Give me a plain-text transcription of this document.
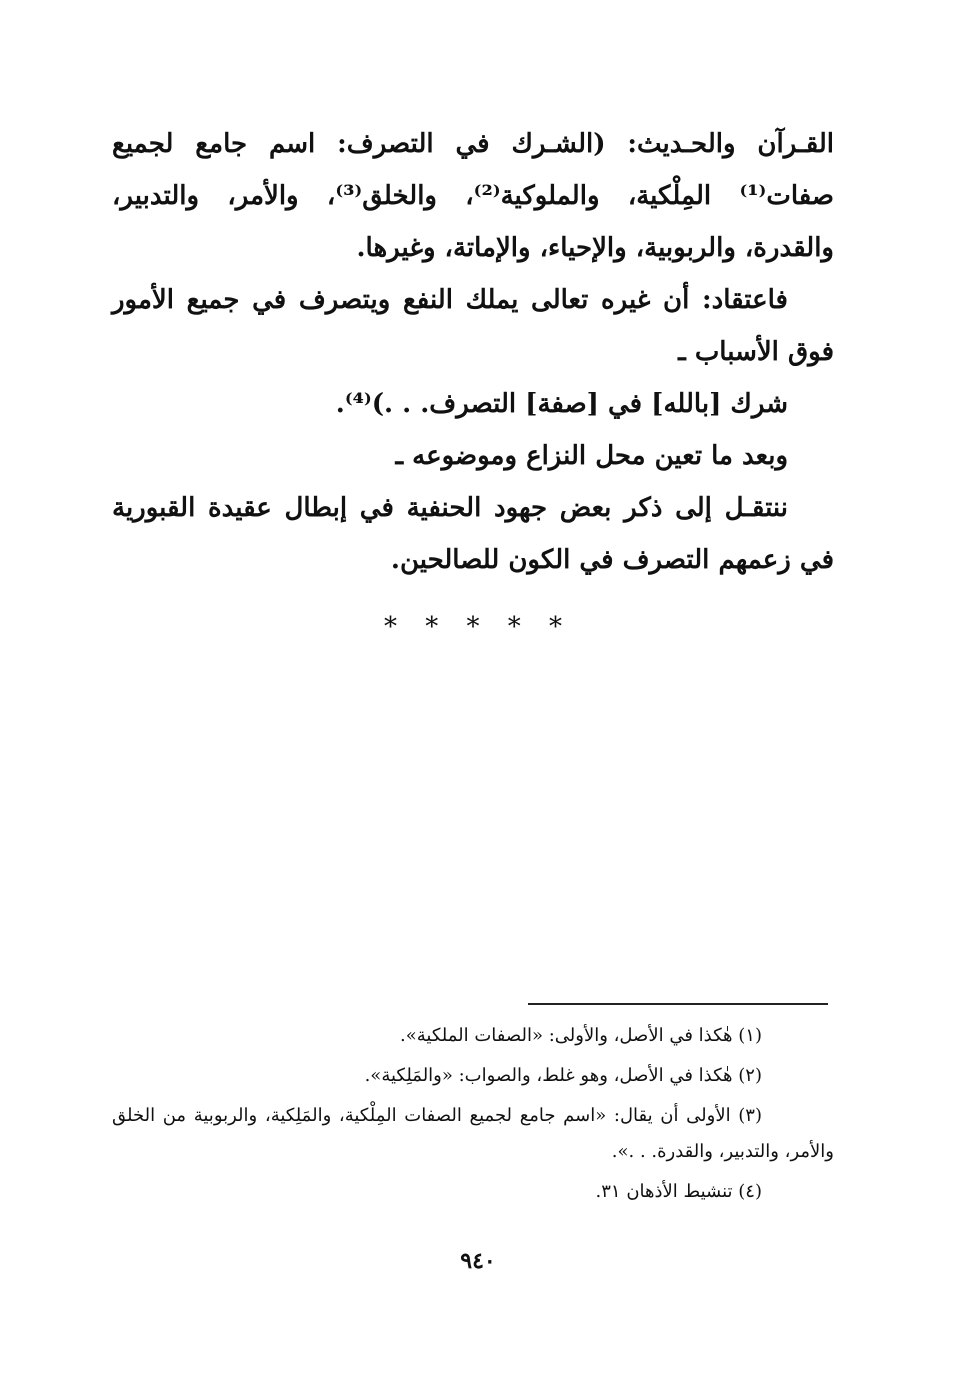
القـرآن والحـديث: (الشـرك في التصرف: اسم جامع لجميع صفات⁽¹⁾ المِلْكية، والملوكية⁽²⁾، والخلق⁽³⁾، والأمر، والتدبير، والقدرة، والربوبية، والإحياء، والإماتة، وغيرها.

فاعتقاد: أن غيره تعالى يملك النفع ويتصرف في جميع الأمور فوق الأسباب ـ

شرك [بالله] في [صفة] التصرف. . .)⁽⁴⁾.

وبعد ما تعين محل النزاع وموضوعه ـ

ننتقـل إلى ذكر بعض جهود الحنفية في إبطال عقيدة القبورية في زعمهم التصرف في الكون للصالحين.

* * * * *

(١) هٰكذا في الأصل، والأولى: «الصفات الملكية».

(٢) هٰكذا في الأصل، وهو غلط، والصواب: «والمَلِكية».

(٣) الأولى أن يقال: «اسم جامع لجميع الصفات المِلْكية، والمَلِكية، والربوبية من الخلق والأمر، والتدبير، والقدرة. . .».

(٤) تنشيط الأذهان ٣١.

٩٤٠
